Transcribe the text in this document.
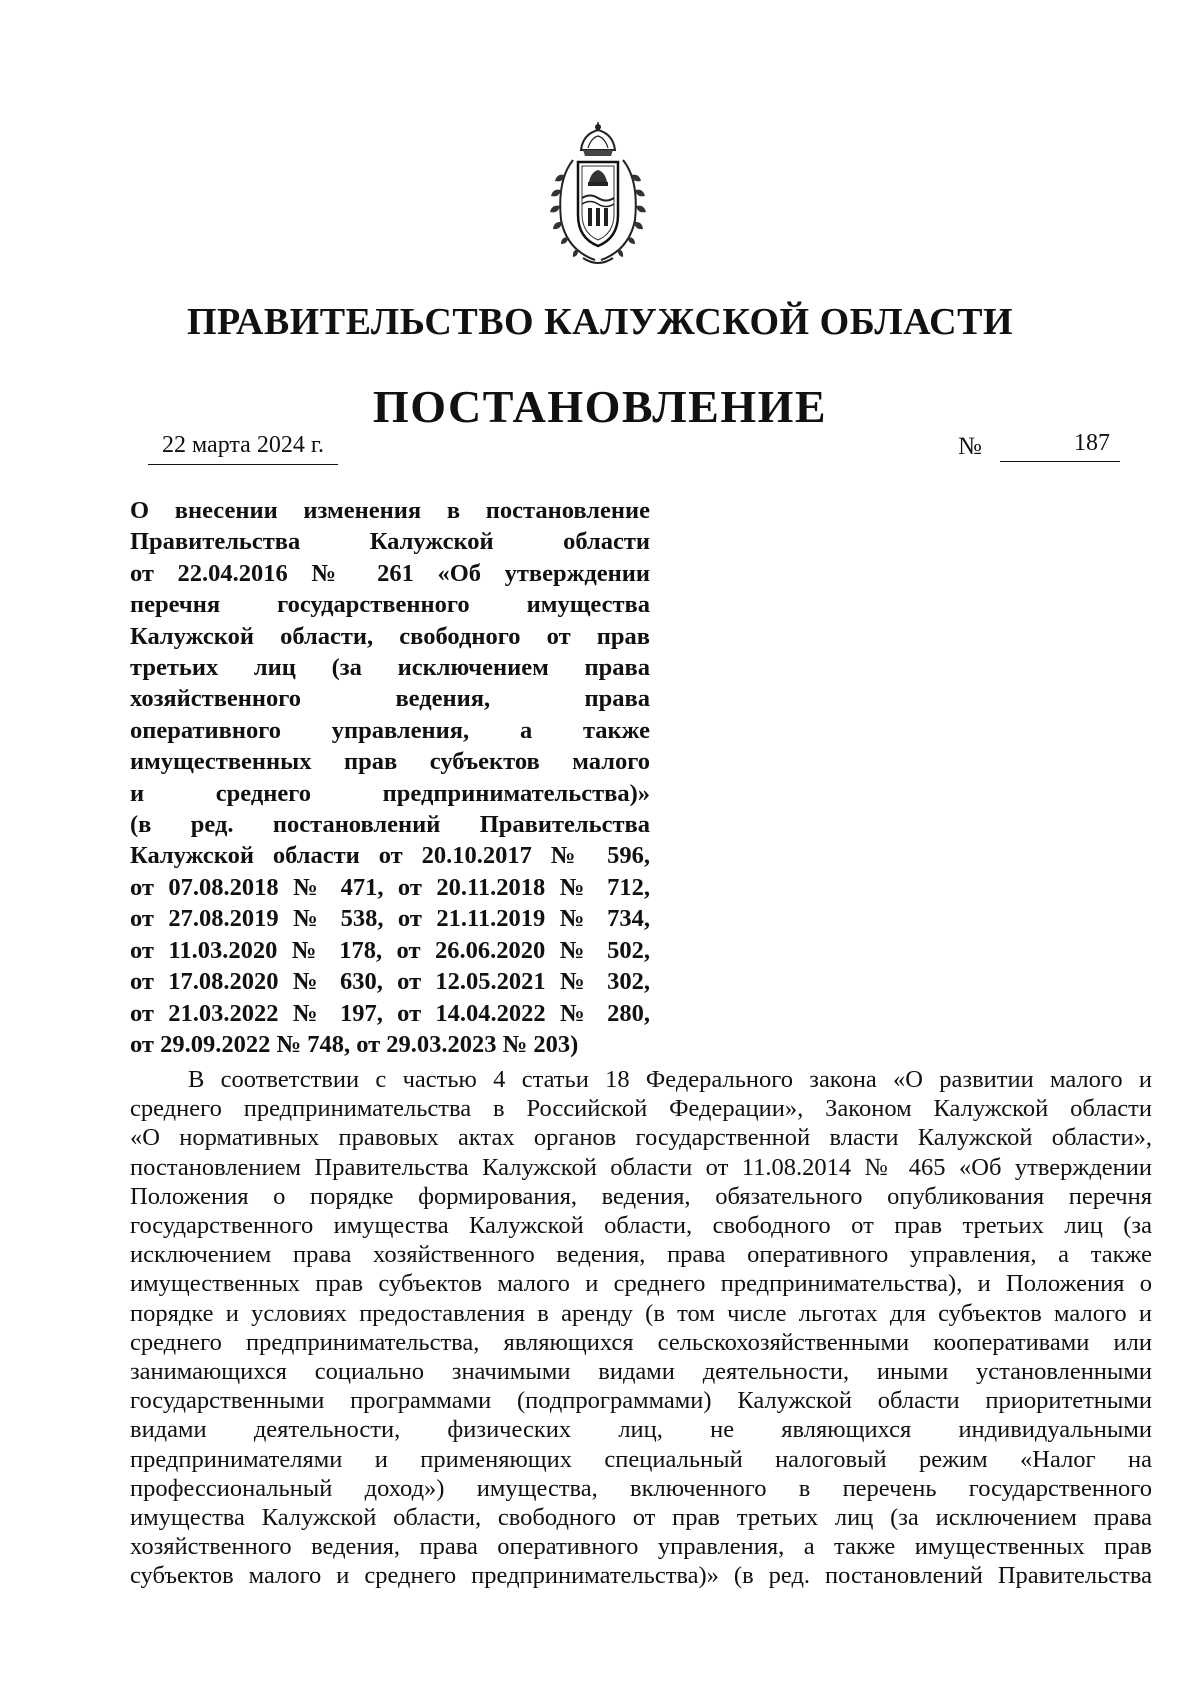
ПРАВИТЕЛЬСТВО КАЛУЖСКОЙ ОБЛАСТИ
ПОСТАНОВЛЕНИЕ
22 марта 2024 г.	№	187
О внесении изменения в постановление
Правительства Калужской области
от 22.04.2016 № 261 «Об утверждении
перечня государственного имущества
Калужской области, свободного от прав
третьих лиц (за исключением права
хозяйственного ведения, права
оперативного управления, а также
имущественных прав субъектов малого
и среднего предпринимательства)»
(в ред. постановлений Правительства
Калужской области от 20.10.2017 № 596,
от 07.08.2018 № 471, от 20.11.2018 № 712,
от 27.08.2019 № 538, от 21.11.2019 № 734,
от 11.03.2020 № 178, от 26.06.2020 № 502,
от 17.08.2020 № 630, от 12.05.2021 № 302,
от 21.03.2022 № 197, от 14.04.2022 № 280,
от 29.09.2022 № 748, от 29.03.2023 № 203)
В соответствии с частью 4 статьи 18 Федерального закона «О развитии малого и
среднего предпринимательства в Российской Федерации», Законом Калужской области
«О нормативных правовых актах органов государственной власти Калужской области»,
постановлением Правительства Калужской области от 11.08.2014 № 465 «Об утверждении
Положения о порядке формирования, ведения, обязательного опубликования перечня
государственного имущества Калужской области, свободного от прав третьих лиц (за
исключением права хозяйственного ведения, права оперативного управления, а также
имущественных прав субъектов малого и среднего предпринимательства), и Положения о
порядке и условиях предоставления в аренду (в том числе льготах для субъектов малого и
среднего предпринимательства, являющихся сельскохозяйственными кооперативами или
занимающихся социально значимыми видами деятельности, иными установленными
государственными программами (подпрограммами) Калужской области приоритетными
видами деятельности, физических лиц, не являющихся индивидуальными
предпринимателями и применяющих специальный налоговый режим «Налог на
профессиональный доход») имущества, включенного в перечень государственного
имущества Калужской области, свободного от прав третьих лиц (за исключением права
хозяйственного ведения, права оперативного управления, а также имущественных прав
субъектов малого и среднего предпринимательства)» (в ред. постановлений Правительства
